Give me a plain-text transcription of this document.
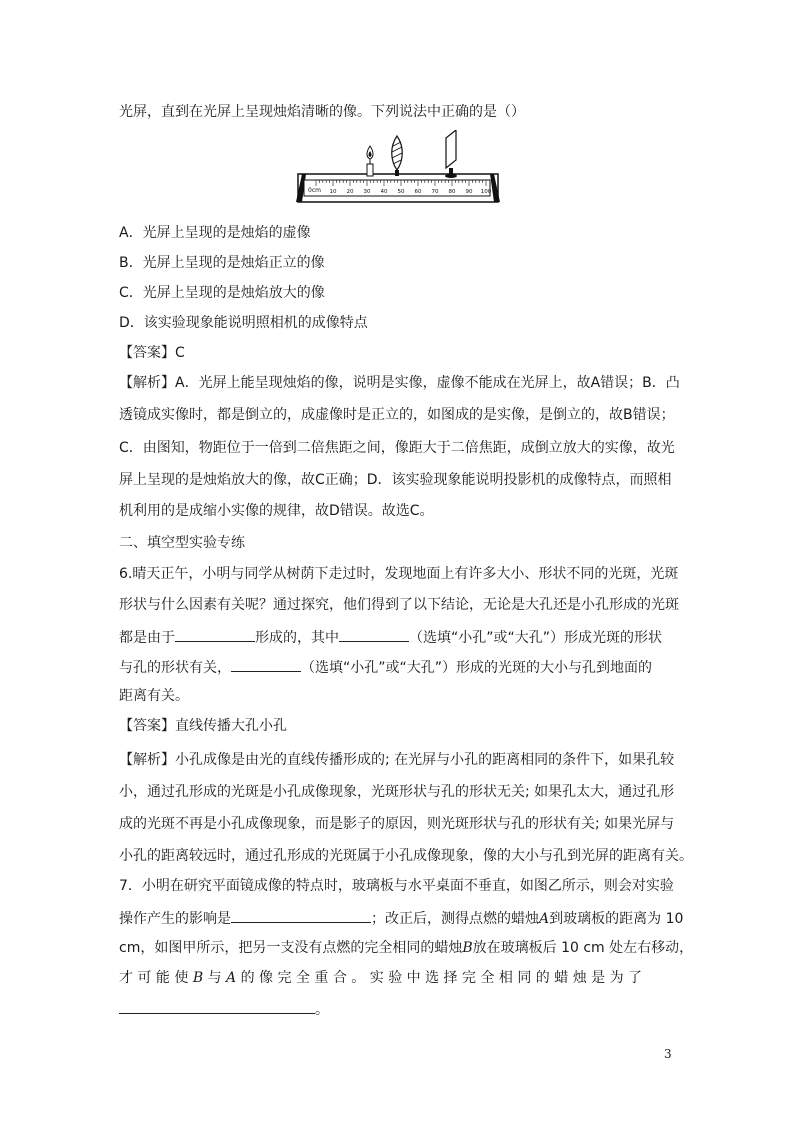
光屏，直到在光屏上呈现烛焰清晰的像。下列说法中正确的是（）
10 20 30 40 50 60 70 80 90 100
0cm
A．光屏上呈现的是烛焰的虚像
B．光屏上呈现的是烛焰正立的像
C．光屏上呈现的是烛焰放大的像
D．该实验现象能说明照相机的成像特点
【答案】C
【解析】A．光屏上能呈现烛焰的像，说明是实像，虚像不能成在光屏上，故A错误；B．凸
透镜成实像时，都是倒立的，成虚像时是正立的，如图成的是实像，是倒立的，故B错误；
C．由图知，物距位于一倍到二倍焦距之间，像距大于二倍焦距，成倒立放大的实像，故光
屏上呈现的是烛焰放大的像，故C正确；D．该实验现象能说明投影机的成像特点，而照相
机利用的是成缩小实像的规律，故D错误。故选C。
二、填空型实验专练
6.晴天正午，小明与同学从树荫下走过时，发现地面上有许多大小、形状不同的光斑，光斑
形状与什么因素有关呢？通过探究，他们得到了以下结论，无论是大孔还是小孔形成的光斑
都是由于	形成的，其中	（选填“小孔”或“大孔”）形成光斑的形状
与孔的形状有关，	（选填“小孔”或“大孔”）形成的光斑的大小与孔到地面的
距离有关。
【答案】直线传播大孔小孔
【解析】小孔成像是由光的直线传播形成的; 在光屏与小孔的距离相同的条件下，如果孔较
小，通过孔形成的光斑是小孔成像现象，光斑形状与孔的形状无关; 如果孔太大，通过孔形
成的光斑不再是小孔成像现象，而是影子的原因，则光斑形状与孔的形状有关; 如果光屏与
小孔的距离较远时，通过孔形成的光斑属于小孔成像现象，像的大小与孔到光屏的距离有关。
7．小明在研究平面镜成像的特点时，玻璃板与水平桌面不垂直，如图乙所示，则会对实验
操作产生的影响是	；改正后，测得点燃的蜡烛A到玻璃板的距离为 10
cm，如图甲所示，把另一支没有点燃的完全相同的蜡烛B放在玻璃板后 10 cm 处左右移动，
才 可 能 使 B 与 A 的 像 完 全 重 合 。 实 验 中 选 择 完 全 相 同 的 蜡 烛 是 为 了
。
3
